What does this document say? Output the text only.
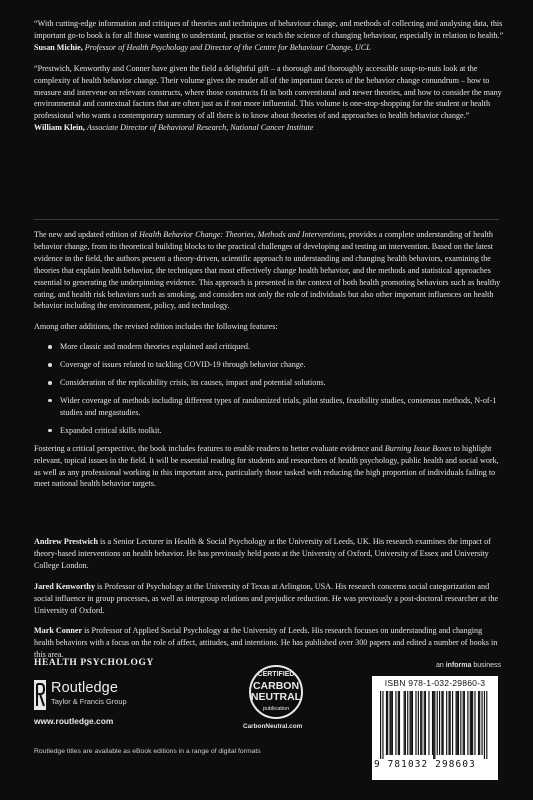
“With cutting-edge information and critiques of theories and techniques of behaviour change, and methods of collecting and analysing data, this important go-to book is for all those wanting to understand, practise or teach the science of changing behaviour, especially in relation to health.”

Susan Michie, Professor of Health Psychology and Director of the Centre for Behaviour Change, UCL

“Prestwich, Kenworthy and Conner have given the field a delightful gift – a thorough and thoroughly accessible soup-to-nuts look at the complexity of health behavior change. Their volume gives the reader all of the important facets of the behavior change conundrum – how to measure and intervene on relevant constructs, where those constructs fit in both conventional and newer theories, and how to consider the many environmental and contextual factors that are often just as if not more influential. This volume is one-stop-shopping for the student or health professional who wants a contemporary summary of all there is to know about theories of and approaches to health behavior change.”

William Klein, Associate Director of Behavioral Research, National Cancer Institute

The new and updated edition of Health Behavior Change: Theories, Methods and Interventions, provides a complete understanding of health behavior change, from its theoretical building blocks to the practical challenges of developing and testing an intervention. Based on the latest evidence in the field, the authors present a theory-driven, scientific approach to understanding and changing health behaviors, examining the theories that explain health behavior, the techniques that most effectively change health behavior, and the methods and statistical approaches essential to generating the underpinning evidence. This approach is presented in the context of both health promoting behaviors such as healthy eating, and health risk behaviors such as smoking, and considers not only the role of individuals but also other important influences on health behavior including the environment, policy, and technology.

Among other additions, the revised edition includes the following features:

More classic and modern theories explained and critiqued.
Coverage of issues related to tackling COVID-19 through behavior change.
Consideration of the replicability crisis, its causes, impact and potential solutions.
Wider coverage of methods including different types of randomized trials, pilot studies, feasibility studies, consensus methods, N-of-1 studies and megastudies.
Expanded critical skills toolkit.

Fostering a critical perspective, the book includes features to enable readers to better evaluate evidence and Burning Issue Boxes to highlight relevant, topical issues in the field. It will be essential reading for students and researchers of health psychology, public health and social work, as well as any professional working in this important area, particularly those tasked with reducing the high proportion of individuals failing to meet national health behavior targets.

Andrew Prestwich is a Senior Lecturer in Health & Social Psychology at the University of Leeds, UK. His research examines the impact of theory-based interventions on health behavior. He has previously held posts at the University of Oxford, University of Essex and University College London.

Jared Kenworthy is Professor of Psychology at the University of Texas at Arlington, USA. His research concerns social categorization and social influence in group processes, as well as intergroup relations and prejudice reduction. He was previously a post-doctoral researcher at the University of Oxford.

Mark Conner is Professor of Applied Social Psychology at the University of Leeds. His research focuses on understanding and changing health behaviors with a focus on the role of affect, attitudes, and intentions. He has published over 300 papers and edited a number of books in this area.

HEALTH PSYCHOLOGY
Routledge
Taylor & Francis Group
www.routledge.com
CERTIFIED
CARBON
NEUTRAL
publication
CarbonNeutral.com
an informa business
ISBN 978-1-032-29860-3
9 781032 298603
Routledge titles are available as eBook editions in a range of digital formats
